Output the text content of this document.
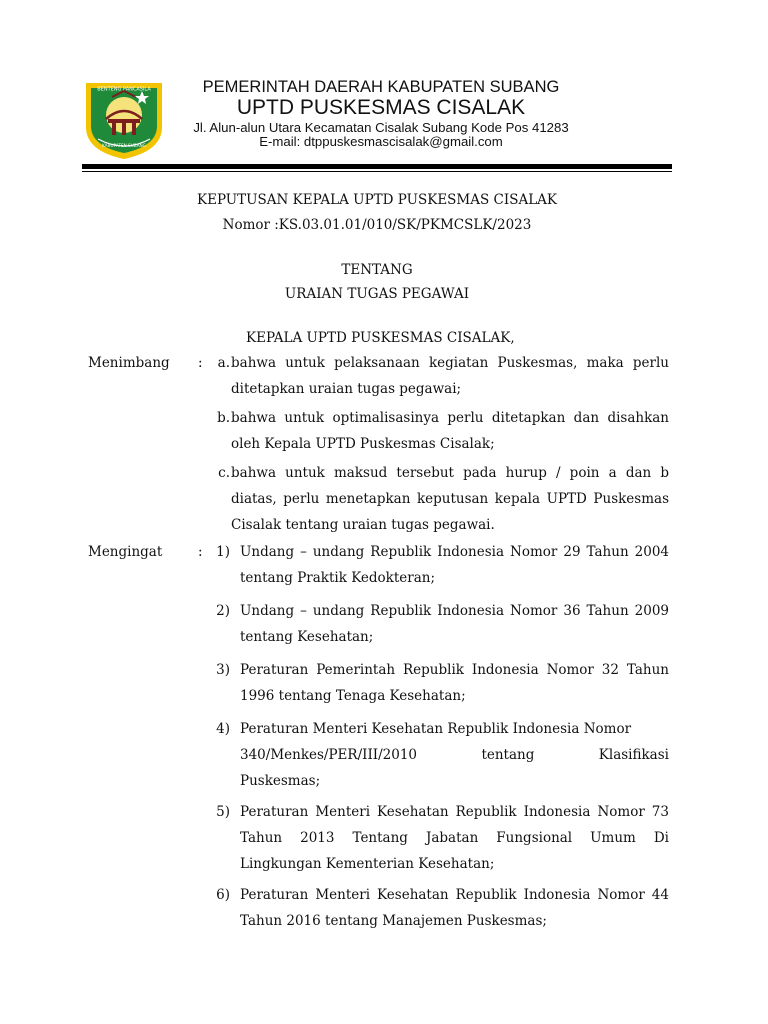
BENTENG PANCASILA
KABUPATEN SUBANG
PEMERINTAH DAERAH KABUPATEN SUBANG
UPTD PUSKESMAS CISALAK
Jl. Alun-alun Utara Kecamatan Cisalak Subang Kode Pos 41283
E-mail: dtppuskesmascisalak@gmail.com
KEPUTUSAN KEPALA UPTD PUSKESMAS CISALAK
Nomor :KS.03.01.01/010/SK/PKMCSLK/2023
TENTANG
URAIAN TUGAS PEGAWAI
KEPALA UPTD PUSKESMAS CISALAK,
Menimbang :	a. bahwa untuk pelaksanaan kegiatan Puskesmas, maka perlu ditetapkan uraian tugas pegawai;
b. bahwa untuk optimalisasinya perlu ditetapkan dan disahkan oleh Kepala UPTD Puskesmas Cisalak;
c. bahwa untuk maksud tersebut pada hurup / poin a dan b diatas, perlu menetapkan keputusan kepala UPTD Puskesmas Cisalak tentang uraian tugas pegawai.
Mengingat	:	1) Undang – undang Republik Indonesia Nomor 29 Tahun 2004 tentang Praktik Kedokteran;
2) Undang – undang Republik Indonesia Nomor 36 Tahun 2009 tentang Kesehatan;
3) Peraturan Pemerintah Republik Indonesia Nomor 32 Tahun 1996 tentang Tenaga Kesehatan;
4) Peraturan Menteri Kesehatan Republik Indonesia Nomor
340/Menkes/PER/III/2010	tentang	Klasifikasi
Puskesmas;
5) Peraturan Menteri Kesehatan Republik Indonesia Nomor 73 Tahun 2013 Tentang Jabatan Fungsional Umum Di Lingkungan Kementerian Kesehatan;
6) Peraturan Menteri Kesehatan Republik Indonesia Nomor 44 Tahun 2016 tentang Manajemen Puskesmas;
